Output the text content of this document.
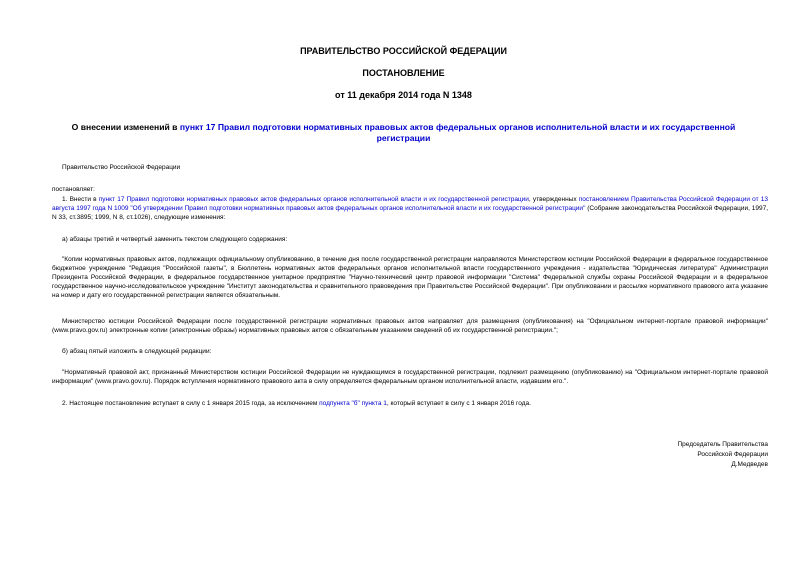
ПРАВИТЕЛЬСТВО РОССИЙСКОЙ ФЕДЕРАЦИИ
ПОСТАНОВЛЕНИЕ
от 11 декабря 2014 года N 1348
О внесении изменений в пункт 17 Правил подготовки нормативных правовых актов федеральных органов исполнительной власти и их государственной регистрации

Правительство Российской Федерации

постановляет:

1. Внести в пункт 17 Правил подготовки нормативных правовых актов федеральных органов исполнительной власти и их государственной регистрации, утвержденных постановлением Правительства Российской Федерации от 13 августа 1997 года N 1009 "Об утверждении Правил подготовки нормативных правовых актов федеральных органов исполнительной власти и их государственной регистрации" (Собрание законодательства Российской Федерации, 1997, N 33, ст.3895; 1999, N 8, ст.1026), следующие изменения:

а) абзацы третий и четвертый заменить текстом следующего содержания:

"Копии нормативных правовых актов, подлежащих официальному опубликованию, в течение дня после государственной регистрации направляются Министерством юстиции Российской Федерации в федеральное государственное бюджетное учреждение "Редакция "Российской газеты", в Бюллетень нормативных актов федеральных органов исполнительной власти государственного учреждения - издательства "Юридическая литература" Администрации Президента Российской Федерации, в федеральное государственное унитарное предприятие "Научно-технический центр правовой информации "Система" Федеральной службы охраны Российской Федерации и в федеральное государственное научно-исследовательское учреждение "Институт законодательства и сравнительного правоведения при Правительстве Российской Федерации". При опубликовании и рассылке нормативного правового акта указание на номер и дату его государственной регистрации является обязательным.

Министерство юстиции Российской Федерации после государственной регистрации нормативных правовых актов направляет для размещения (опубликования) на "Официальном интернет-портале правовой информации" (www.pravo.gov.ru) электронные копии (электронные образы) нормативных правовых актов с обязательным указанием сведений об их государственной регистрации.";

б) абзац пятый изложить в следующей редакции:

"Нормативный правовой акт, признанный Министерством юстиции Российской Федерации не нуждающимся в государственной регистрации, подлежит размещению (опубликованию) на "Официальном интернет-портале правовой информации" (www.pravo.gov.ru). Порядок вступления нормативного правового акта в силу определяется федеральным органом исполнительной власти, издавшим его.".

2. Настоящее постановление вступает в силу с 1 января 2015 года, за исключением подпункта "б" пункта 1, который вступает в силу с 1 января 2016 года.

Председатель Правительства
Российской Федерации
Д.Медведев
